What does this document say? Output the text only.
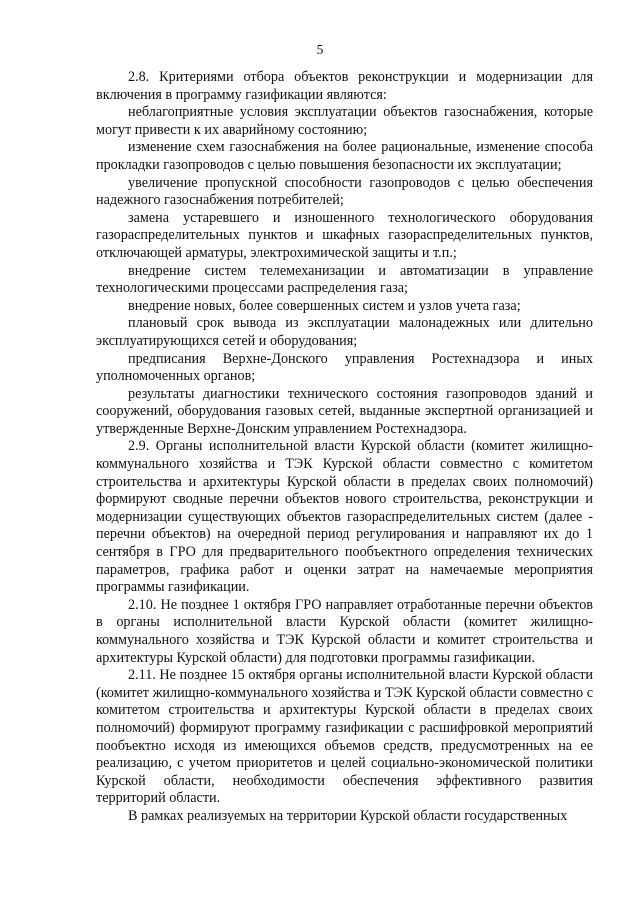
5

2.8. Критериями отбора объектов реконструкции и модернизации для включения в программу газификации являются:

неблагоприятные условия эксплуатации объектов газоснабжения, которые могут привести к их аварийному состоянию;

изменение схем газоснабжения на более рациональные, изменение способа прокладки газопроводов с целью повышения безопасности их эксплуатации;

увеличение пропускной способности газопроводов с целью обеспечения надежного газоснабжения потребителей;

замена устаревшего и изношенного технологического оборудования газораспределительных пунктов и шкафных газораспределительных пунктов, отключающей арматуры, электрохимической защиты и т.п.;

внедрение систем телемеханизации и автоматизации в управление технологическими процессами распределения газа;

внедрение новых, более совершенных систем и узлов учета газа;

плановый срок вывода из эксплуатации малонадежных или длительно эксплуатирующихся сетей и оборудования;

предписания Верхне-Донского управления Ростехнадзора и иных уполномоченных органов;

результаты диагностики технического состояния газопроводов зданий и сооружений, оборудования газовых сетей, выданные экспертной организацией и утвержденные Верхне-Донским управлением Ростехнадзора.

2.9. Органы исполнительной власти Курской области (комитет жилищно-коммунального хозяйства и ТЭК Курской области совместно с комитетом строительства и архитектуры Курской области в пределах своих полномочий) формируют сводные перечни объектов нового строительства, реконструкции и модернизации существующих объектов газораспределительных систем (далее - перечни объектов) на очередной период регулирования и направляют их до 1 сентября в ГРО для предварительного пообъектного определения технических параметров, графика работ и оценки затрат на намечаемые мероприятия программы газификации.

2.10. Не позднее 1 октября ГРО направляет отработанные перечни объектов в органы исполнительной власти Курской области (комитет жилищно-коммунального хозяйства и ТЭК Курской области и комитет строительства и архитектуры Курской области) для подготовки программы газификации.

2.11. Не позднее 15 октября органы исполнительной власти Курской области (комитет жилищно-коммунального хозяйства и ТЭК Курской области совместно с комитетом строительства и архитектуры Курской области в пределах своих полномочий) формируют программу газификации с расшифровкой мероприятий пообъектно исходя из имеющихся объемов средств, предусмотренных на ее реализацию, с учетом приоритетов и целей социально-экономической политики Курской области, необходимости обеспечения эффективного развития территорий области.

В рамках реализуемых на территории Курской области государственных
